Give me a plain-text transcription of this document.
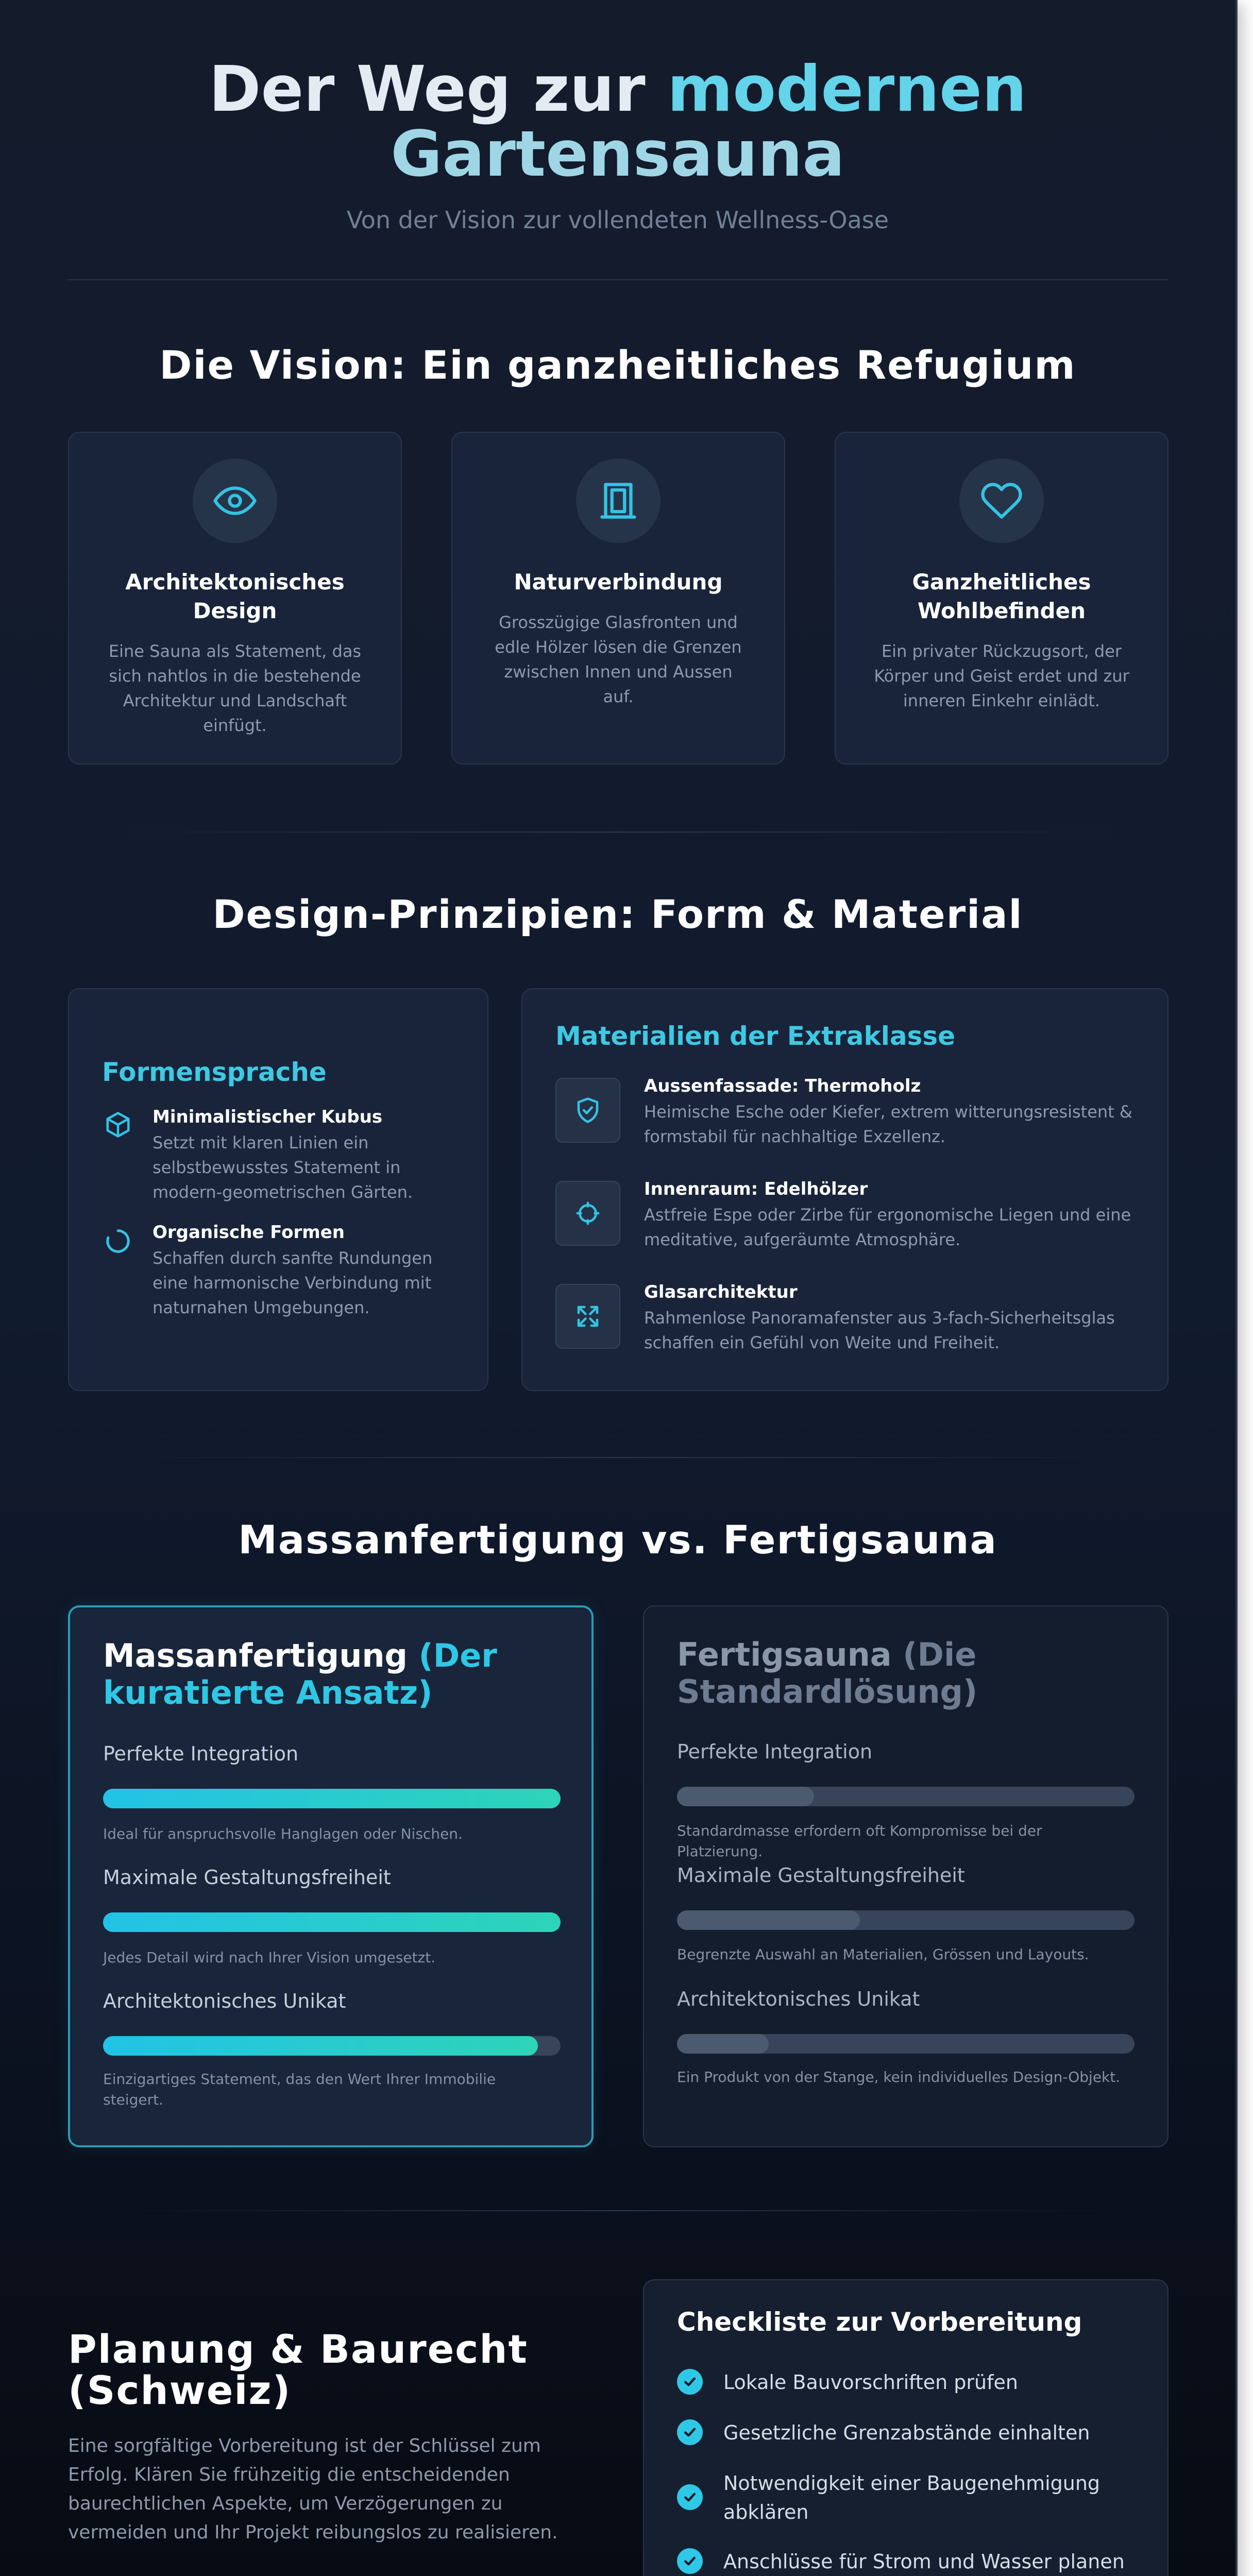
Der Weg zur modernen
Gartensauna
Von der Vision zur vollendeten Wellness-Oase
Die Vision: Ein ganzheitliches Refugium
Architektonisches Design
Eine Sauna als Statement, das sich nahtlos in die bestehende Architektur und Landschaft einfügt.
Naturverbindung
Grosszügige Glasfronten und edle Hölzer lösen die Grenzen zwischen Innen und Aussen auf.
Ganzheitliches Wohlbefinden
Ein privater Rückzugsort, der Körper und Geist erdet und zur inneren Einkehr einlädt.
Design-Prinzipien: Form & Material
Formensprache
Minimalistischer Kubus
Setzt mit klaren Linien ein selbstbewusstes Statement in modern-geometrischen Gärten.
Organische Formen
Schaffen durch sanfte Rundungen eine harmonische Verbindung mit naturnahen Umgebungen.
Materialien der Extraklasse
Aussenfassade: Thermoholz
Heimische Esche oder Kiefer, extrem witterungsresistent & formstabil für nachhaltige Exzellenz.
Innenraum: Edelhölzer
Astfreie Espe oder Zirbe für ergonomische Liegen und eine meditative, aufgeräumte Atmosphäre.
Glasarchitektur
Rahmenlose Panoramafenster aus 3-fach-Sicherheitsglas schaffen ein Gefühl von Weite und Freiheit.
Massanfertigung vs. Fertigsauna
Massanfertigung (Der kuratierte Ansatz)
Perfekte Integration
Ideal für anspruchsvolle Hanglagen oder Nischen.
Maximale Gestaltungsfreiheit
Jedes Detail wird nach Ihrer Vision umgesetzt.
Architektonisches Unikat
Einzigartiges Statement, das den Wert Ihrer Immobilie steigert.
Fertigsauna (Die Standardlösung)
Perfekte Integration
Standardmasse erfordern oft Kompromisse bei der Platzierung.
Maximale Gestaltungsfreiheit
Begrenzte Auswahl an Materialien, Grössen und Layouts.
Architektonisches Unikat
Ein Produkt von der Stange, kein individuelles Design-Objekt.
Planung & Baurecht (Schweiz)
Eine sorgfältige Vorbereitung ist der Schlüssel zum Erfolg. Klären Sie frühzeitig die entscheidenden baurechtlichen Aspekte, um Verzögerungen zu vermeiden und Ihr Projekt reibungslos zu realisieren.
Checkliste zur Vorbereitung
Lokale Bauvorschriften prüfen
Gesetzliche Grenzabstände einhalten
Notwendigkeit einer Baugenehmigung abklären
Anschlüsse für Strom und Wasser planen
